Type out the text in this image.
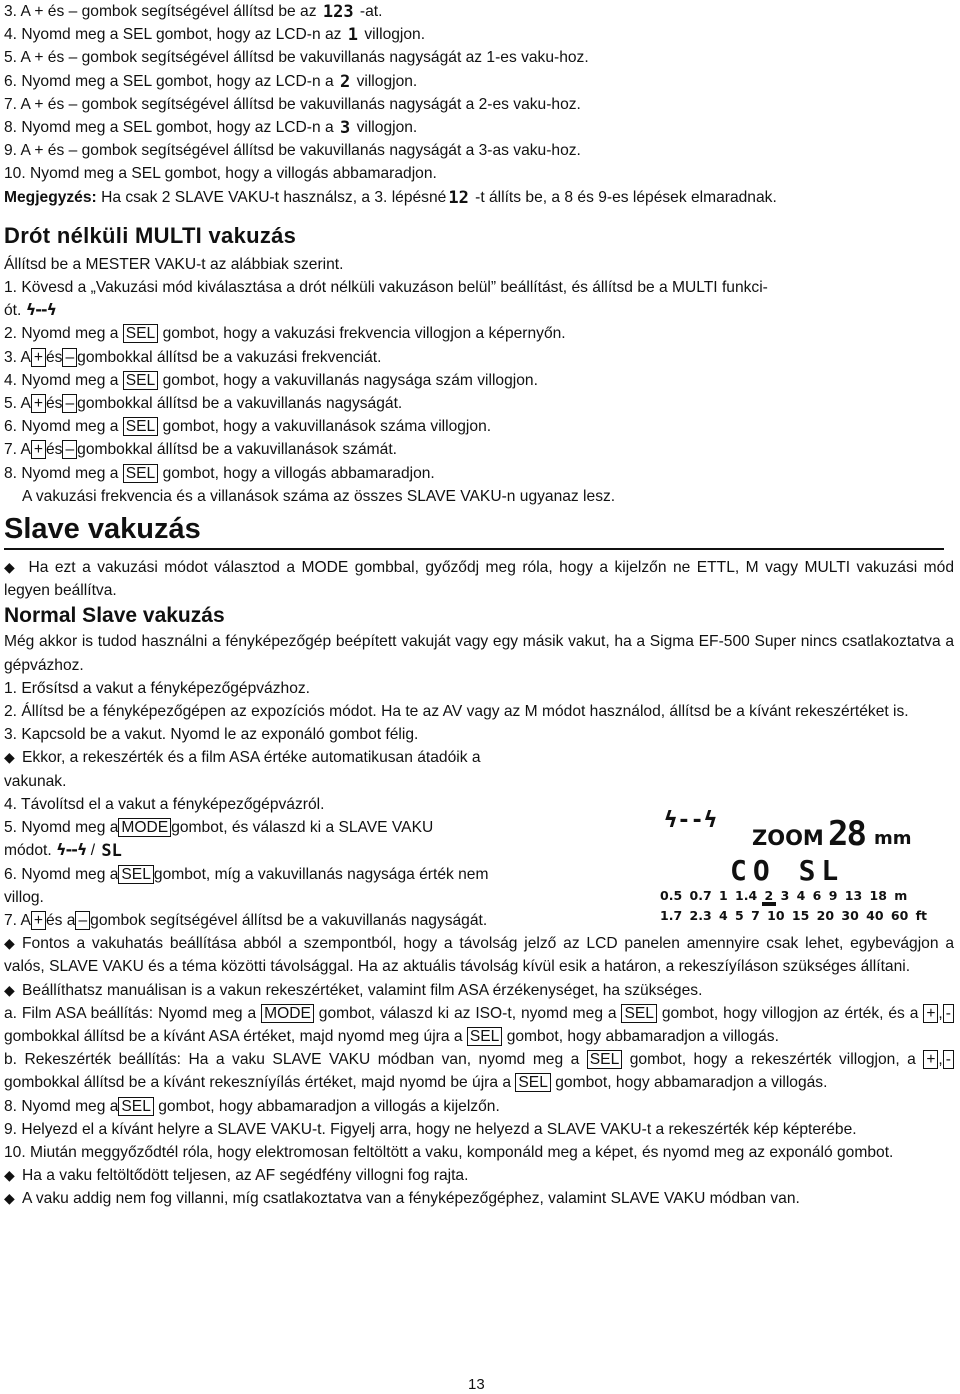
3. A + és – gombok segítségével állítsd be az 123 -at.

4. Nyomd meg a SEL gombot, hogy az LCD-n az 1 villogjon.

5. A + és – gombok segítségével állítsd be vakuvillanás nagyságát az 1-es vaku-hoz.

6. Nyomd meg a SEL gombot, hogy az LCD-n a 2 villogjon.

7. A + és – gombok segítségével állítsd be vakuvillanás nagyságát a 2-es vaku-hoz.

8. Nyomd meg a SEL gombot, hogy az LCD-n a 3 villogjon.

9. A + és – gombok segítségével állítsd be vakuvillanás nagyságát a 3-as vaku-hoz.

10. Nyomd meg a SEL gombot, hogy a villogás abbamaradjon.

Megjegyzés: Ha csak 2 SLAVE VAKU-t használsz, a 3. lépésné 12 -t állíts be, a 8 és 9-es lépések elmaradnak.

Drót nélküli MULTI vakuzás

Állítsd be a MESTER VAKU-t az alábbiak szerint.

1. Kövesd a „Vakuzási mód kiválasztása a drót nélküli vakuzáson belül” beállítást, és állítsd be a MULTI funkci-

ót. ϟ--ϟ

2. Nyomd meg a SEL gombot, hogy a vakuzási frekvencia villogjon a képernyőn.

3. A + és – gombokkal állítsd be a vakuzási frekvenciát.

4. Nyomd meg a SEL gombot, hogy a vakuvillanás nagysága szám villogjon.

5. A + és – gombokkal állítsd be a vakuvillanás nagyságát.

6. Nyomd meg a SEL gombot, hogy a vakuvillanások száma villogjon.

7. A + és – gombokkal állítsd be a vakuvillanások számát.

8. Nyomd meg a SEL gombot, hogy a villogás abbamaradjon.

A vakuzási frekvencia és a villanások száma az összes SLAVE VAKU-n ugyanaz lesz.

Slave vakuzás

◆ Ha ezt a vakuzási módot választod a MODE gombbal, győződj meg róla, hogy a kijelzőn ne ETTL, M vagy MULTI vakuzási mód legyen beállítva.

Normal Slave vakuzás

Még akkor is tudod használni a fényképezőgép beépített vakuját vagy egy másik vakut, ha a Sigma EF-500 Super nincs csatlakoztatva a gépvázhoz.

1. Erősítsd a vakut a fényképezőgépvázhoz.

2. Állítsd be a fényképezőgépen az expozíciós módot. Ha te az AV vagy az M módot használod, állítsd be a kívánt rekeszértéket is.

3. Kapcsold be a vakut. Nyomd le az exponáló gombot félig.

◆ Ekkor, a rekeszérték és a film ASA értéke automatikusan átadóik a

vakunak.

4. Távolítsd el a vakut a fényképezőgépvázról.

5. Nyomd meg a MODE gombot, és válaszd ki a SLAVE VAKU

módot. ϟ--ϟ / SL

6. Nyomd meg a SEL gombot, míg a vakuvillanás nagysága érték nem

villog.

7. A + és a – gombok segítségével állítsd be a vakuvillanás nagyságát.

◆ Fontos a vakuhatás beállítása abból a szempontból, hogy a távolság jelző az LCD panelen amennyire csak lehet, egybevágjon a valós, SLAVE VAKU és a téma közötti távolsággal. Ha az aktuális távolság kívül esik a határon, a rekeszíyíláson szükséges állítani.

◆ Beállíthatsz manuálisan is a vakun rekeszértéket, valamint film ASA érzékenységet, ha szükséges.

a. Film ASA beállítás: Nyomd meg a MODE gombot, válaszd ki az ISO-t, nyomd meg a SEL gombot, hogy villogjon az érték, és a + , - gombokkal állítsd be a kívánt ASA értéket, majd nyomd meg újra a SEL gombot, hogy abbamaradjon a villogás.

b. Rekeszérték beállítás: Ha a vaku SLAVE VAKU módban van, nyomd meg a SEL gombot, hogy a rekeszérték villogjon, a + , - gombokkal állítsd be a kívánt rekeszníyílás értéket, majd nyomd be újra a SEL gombot, hogy abbamaradjon a villogás.

8. Nyomd meg a SEL gombot, hogy abbamaradjon a villogás a kijelzőn.

9. Helyezd el a kívánt helyre a SLAVE VAKU-t. Figyelj arra, hogy ne helyezd a SLAVE VAKU-t a rekeszérték kép képterébe.

10. Miután meggyőződtél róla, hogy elektromosan feltöltött a vaku, komponáld meg a képet, és nyomd meg az exponáló gombot.

◆ Ha a vaku feltöltődött teljesen, az AF segédfény villogni fog rajta.

◆ A vaku addig nem fog villanni, míg csatlakoztatva van a fényképezőgéphez, valamint SLAVE VAKU módban van.

ϟ--ϟ
ZOOM 28 mm
CO SL
0.5 0.7 1 1.4 2 3 4 6 9 13 18 m
1.7 2.3 4 5 7 10 15 20 30 40 60 ft
13
